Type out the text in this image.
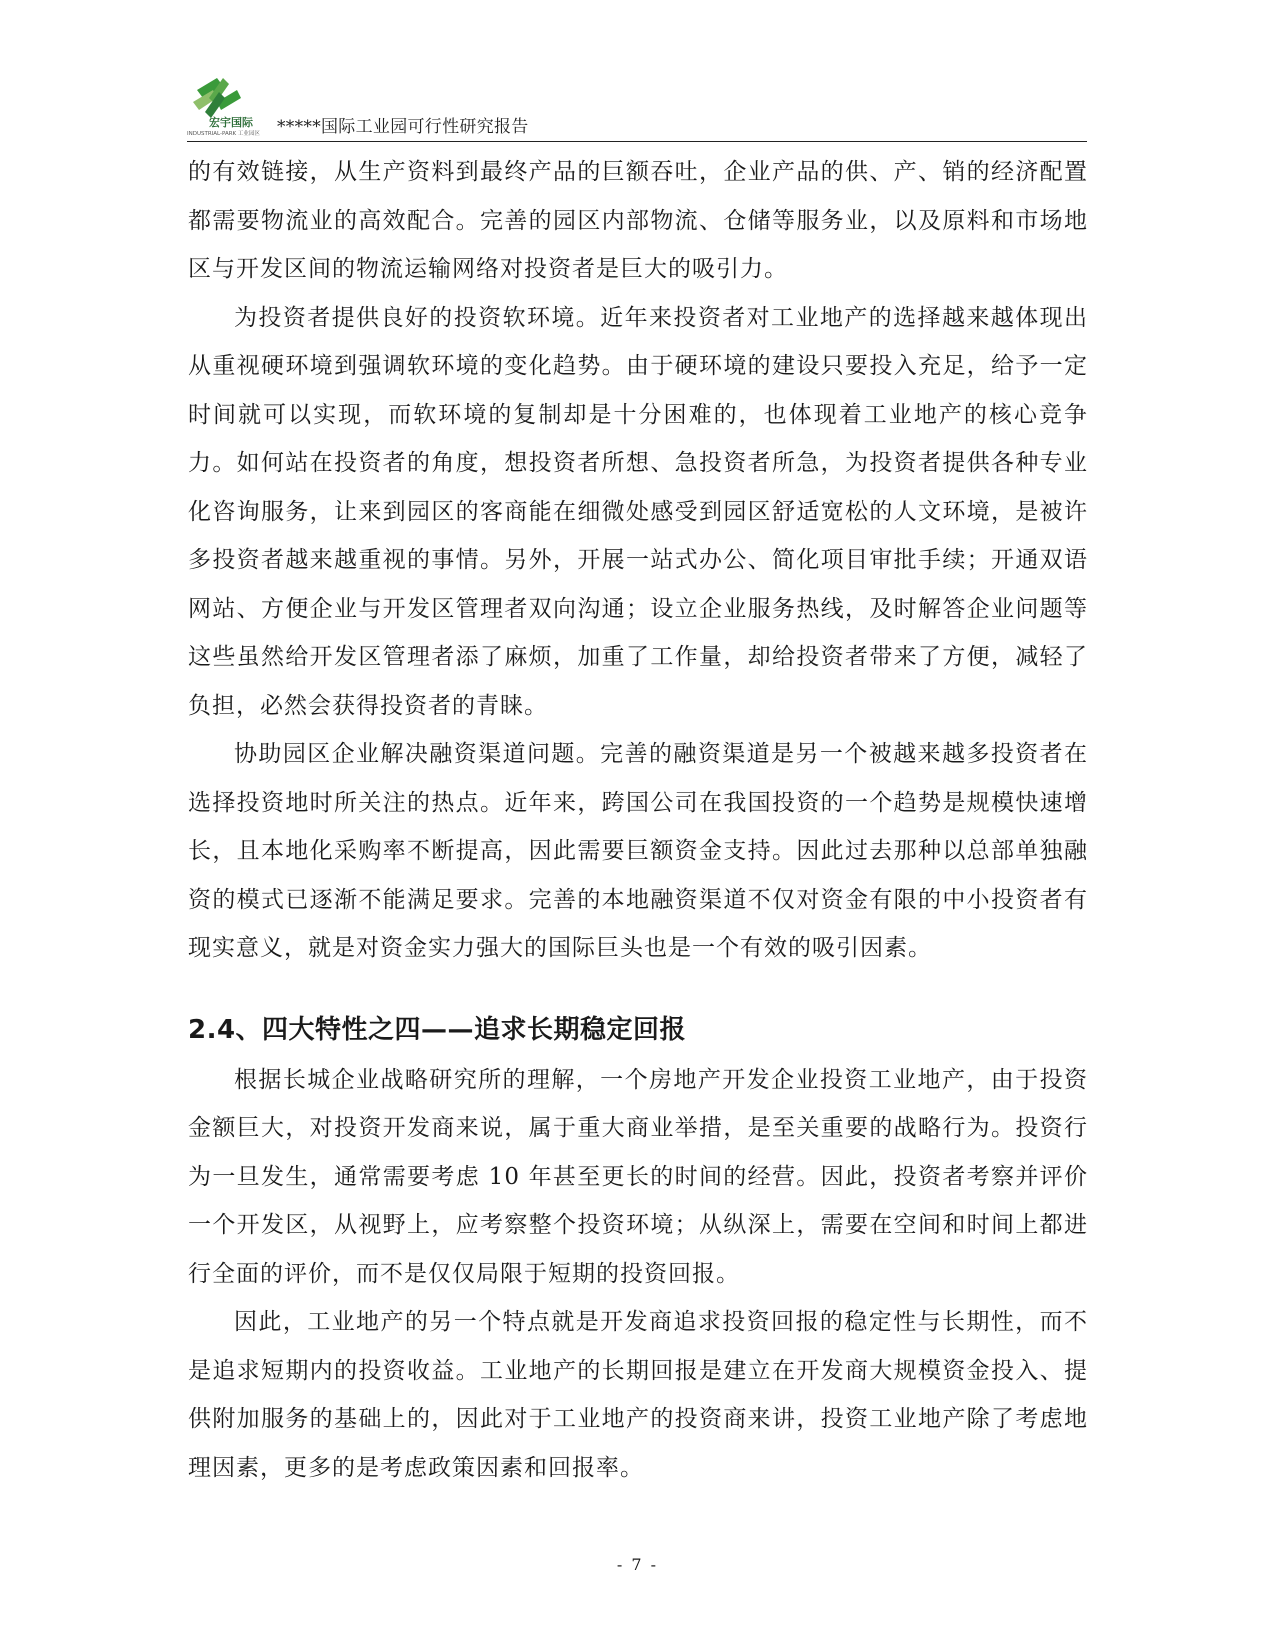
宏宇国际
INDUSTRIAL-PARK 工业园区 *****国际工业园可行性研究报告

的有效链接，从生产资料到最终产品的巨额吞吐，企业产品的供、产、销的经济配置都需要物流业的高效配合。完善的园区内部物流、仓储等服务业，以及原料和市场地区与开发区间的物流运输网络对投资者是巨大的吸引力。

为投资者提供良好的投资软环境。近年来投资者对工业地产的选择越来越体现出从重视硬环境到强调软环境的变化趋势。由于硬环境的建设只要投入充足，给予一定时间就可以实现，而软环境的复制却是十分困难的，也体现着工业地产的核心竞争力。如何站在投资者的角度，想投资者所想、急投资者所急，为投资者提供各种专业化咨询服务，让来到园区的客商能在细微处感受到园区舒适宽松的人文环境，是被许多投资者越来越重视的事情。另外，开展一站式办公、简化项目审批手续；开通双语网站、方便企业与开发区管理者双向沟通；设立企业服务热线，及时解答企业问题等这些虽然给开发区管理者添了麻烦，加重了工作量，却给投资者带来了方便，减轻了负担，必然会获得投资者的青睐。

协助园区企业解决融资渠道问题。完善的融资渠道是另一个被越来越多投资者在选择投资地时所关注的热点。近年来，跨国公司在我国投资的一个趋势是规模快速增长，且本地化采购率不断提高，因此需要巨额资金支持。因此过去那种以总部单独融资的模式已逐渐不能满足要求。完善的本地融资渠道不仅对资金有限的中小投资者有现实意义，就是对资金实力强大的国际巨头也是一个有效的吸引因素。

2.4、四大特性之四——追求长期稳定回报

根据长城企业战略研究所的理解，一个房地产开发企业投资工业地产，由于投资金额巨大，对投资开发商来说，属于重大商业举措，是至关重要的战略行为。投资行为一旦发生，通常需要考虑 10 年甚至更长的时间的经营。因此，投资者考察并评价一个开发区，从视野上，应考察整个投资环境；从纵深上，需要在空间和时间上都进行全面的评价，而不是仅仅局限于短期的投资回报。

因此，工业地产的另一个特点就是开发商追求投资回报的稳定性与长期性，而不是追求短期内的投资收益。工业地产的长期回报是建立在开发商大规模资金投入、提供附加服务的基础上的，因此对于工业地产的投资商来讲，投资工业地产除了考虑地理因素，更多的是考虑政策因素和回报率。

- 7 -
